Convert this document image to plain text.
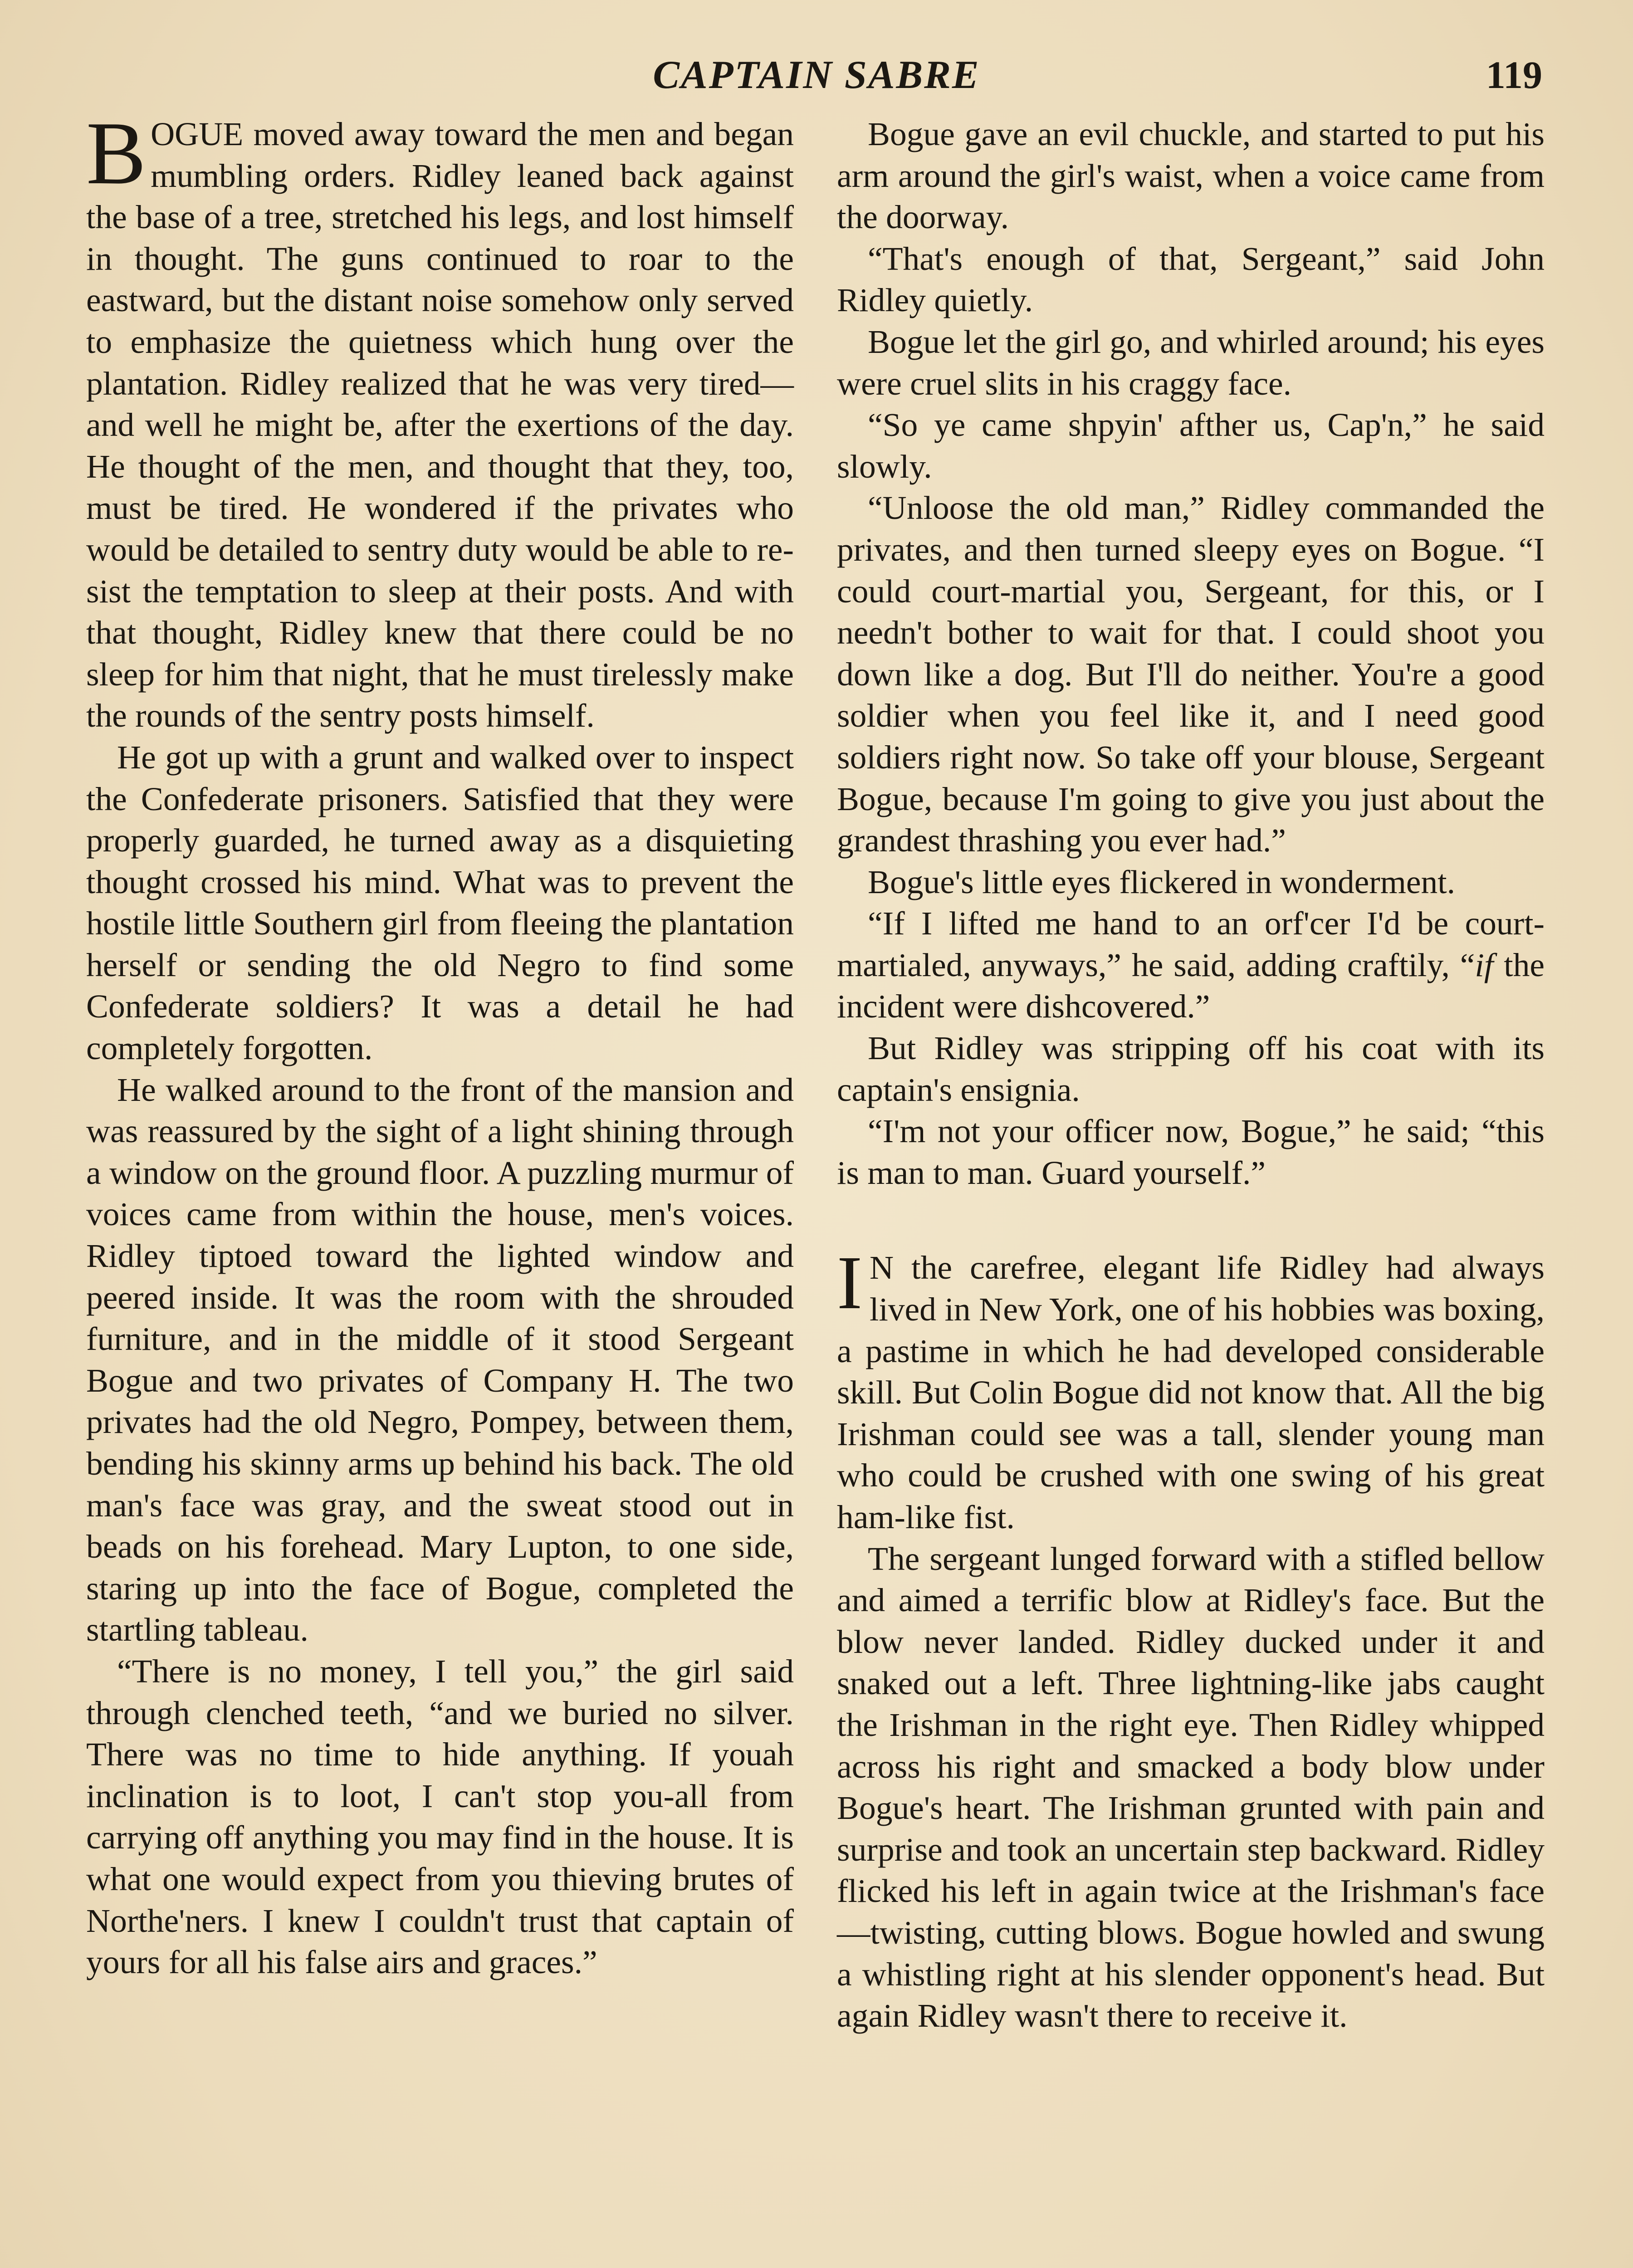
CAPTAIN SABRE	119

BOGUE moved away toward the men and began mumbling orders. Ridley leaned back against the base of a tree, stretched his legs, and lost himself in thought. The guns continued to roar to the eastward, but the distant noise somehow only served to emphasize the quietness which hung over the plantation. Ridley realized that he was very tired—and well he might be, after the exertions of the day. He thought of the men, and thought that they, too, must be tired. He wondered if the privates who would be detailed to sentry duty would be able to resist the temptation to sleep at their posts. And with that thought, Ridley knew that there could be no sleep for him that night, that he must tirelessly make the rounds of the sentry posts himself.

He got up with a grunt and walked over to inspect the Confederate prisoners. Satisfied that they were properly guarded, he turned away as a disquieting thought crossed his mind. What was to prevent the hostile little Southern girl from fleeing the plantation herself or sending the old Negro to find some Confederate soldiers? It was a detail he had completely forgotten.

He walked around to the front of the mansion and was reassured by the sight of a light shining through a window on the ground floor. A puzzling murmur of voices came from within the house, men's voices. Ridley tiptoed toward the lighted window and peered inside. It was the room with the shrouded furniture, and in the middle of it stood Sergeant Bogue and two privates of Company H. The two privates had the old Negro, Pompey, between them, bending his skinny arms up behind his back. The old man's face was gray, and the sweat stood out in beads on his forehead. Mary Lupton, to one side, staring up into the face of Bogue, completed the startling tableau.

“There is no money, I tell you,” the girl said through clenched teeth, “and we buried no silver. There was no time to hide anything. If youah inclination is to loot, I can't stop you-all from carrying off anything you may find in the house. It is what one would expect from you thieving brutes of Northe'ners. I knew I couldn't trust that captain of yours for all his false airs and graces.”

Bogue gave an evil chuckle, and started to put his arm around the girl's waist, when a voice came from the doorway.

“That's enough of that, Sergeant,” said John Ridley quietly.

Bogue let the girl go, and whirled around; his eyes were cruel slits in his craggy face.

“So ye came shpyin' afther us, Cap'n,” he said slowly.

“Unloose the old man,” Ridley commanded the privates, and then turned sleepy eyes on Bogue. “I could court-martial you, Sergeant, for this, or I needn't bother to wait for that. I could shoot you down like a dog. But I'll do neither. You're a good soldier when you feel like it, and I need good soldiers right now. So take off your blouse, Sergeant Bogue, because I'm going to give you just about the grandest thrashing you ever had.”

Bogue's little eyes flickered in wonderment.

“If I lifted me hand to an orf'cer I'd be court-martialed, anyways,” he said, adding craftily, “if the incident were dishcovered.”

But Ridley was stripping off his coat with its captain's ensignia.

“I'm not your officer now, Bogue,” he said; “this is man to man. Guard yourself.”

I N the carefree, elegant life Ridley had always lived in New York, one of his hobbies was boxing, a pastime in which he had developed considerable skill. But Colin Bogue did not know that. All the big Irishman could see was a tall, slender young man who could be crushed with one swing of his great ham-like fist.

The sergeant lunged forward with a stifled bellow and aimed a terrific blow at Ridley's face. But the blow never landed. Ridley ducked under it and snaked out a left. Three lightning-like jabs caught the Irishman in the right eye. Then Ridley whipped across his right and smacked a body blow under Bogue's heart. The Irishman grunted with pain and surprise and took an uncertain step backward. Ridley flicked his left in again twice at the Irishman's face—twisting, cutting blows. Bogue howled and swung a whistling right at his slender opponent's head. But again Ridley wasn't there to receive it.
